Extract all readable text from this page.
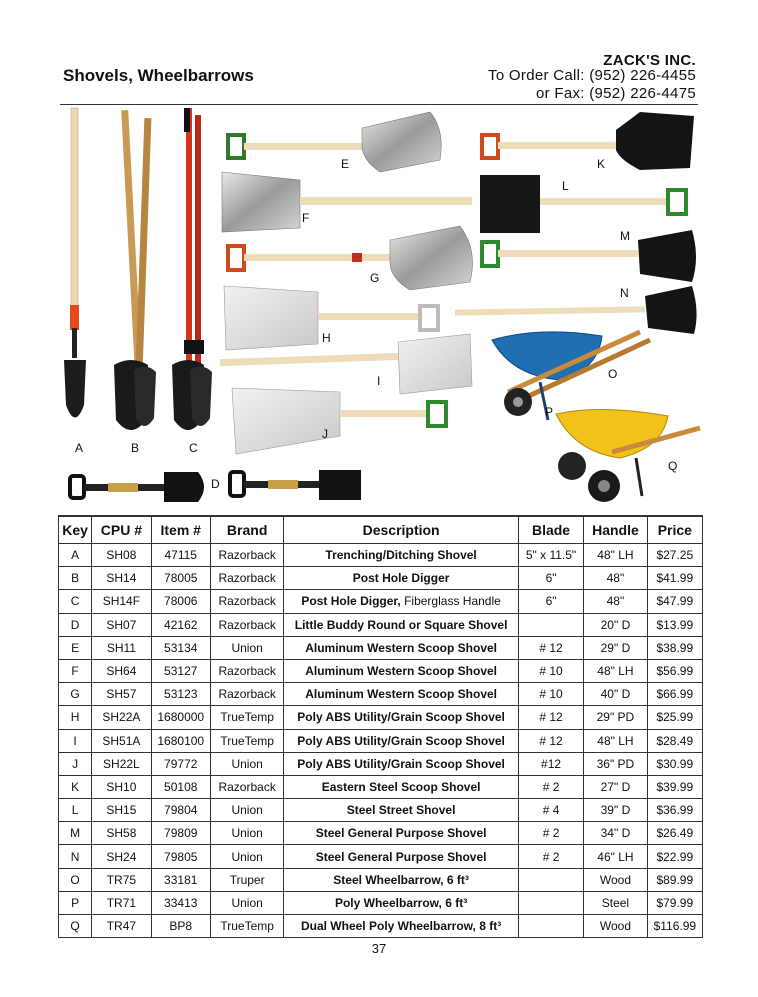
ZACK'S INC.
To Order Call: (952) 226-4455
or Fax: (952) 226-4475
Shovels, Wheelbarrows
A	B	C
D
E
F
G
H
I
J
K
L
M
N
O
P
Q
Key	CPU #	Item #	Brand	Description	Blade	Handle	Price
A	SH08	47115	Razorback	Trenching/Ditching Shovel	5" x 11.5"	48" LH	$27.25
B	SH14	78005	Razorback	Post Hole Digger	6"	48"	$41.99
C	SH14F	78006	Razorback	Post Hole Digger, Fiberglass Handle	6"	48"	$47.99
D	SH07	42162	Razorback	Little Buddy Round or Square Shovel		20" D	$13.99
E	SH11	53134	Union	Aluminum Western Scoop Shovel	# 12	29" D	$38.99
F	SH64	53127	Razorback	Aluminum Western Scoop Shovel	# 10	48" LH	$56.99
G	SH57	53123	Razorback	Aluminum Western Scoop Shovel	# 10	40" D	$66.99
H	SH22A	1680000	TrueTemp	Poly ABS Utility/Grain Scoop Shovel	# 12	29" PD	$25.99
I	SH51A	1680100	TrueTemp	Poly ABS Utility/Grain Scoop Shovel	# 12	48" LH	$28.49
J	SH22L	79772	Union	Poly ABS Utility/Grain Scoop Shovel	#12	36" PD	$30.99
K	SH10	50108	Razorback	Eastern Steel Scoop Shovel	# 2	27" D	$39.99
L	SH15	79804	Union	Steel Street Shovel	# 4	39" D	$36.99
M	SH58	79809	Union	Steel General Purpose Shovel	# 2	34" D	$26.49
N	SH24	79805	Union	Steel General Purpose Shovel	# 2	46" LH	$22.99
O	TR75	33181	Truper	Steel Wheelbarrow, 6 ft³		Wood	$89.99
P	TR71	33413	Union	Poly Wheelbarrow, 6 ft³		Steel	$79.99
Q	TR47	BP8	TrueTemp	Dual Wheel Poly Wheelbarrow, 8 ft³		Wood	$116.99
37
